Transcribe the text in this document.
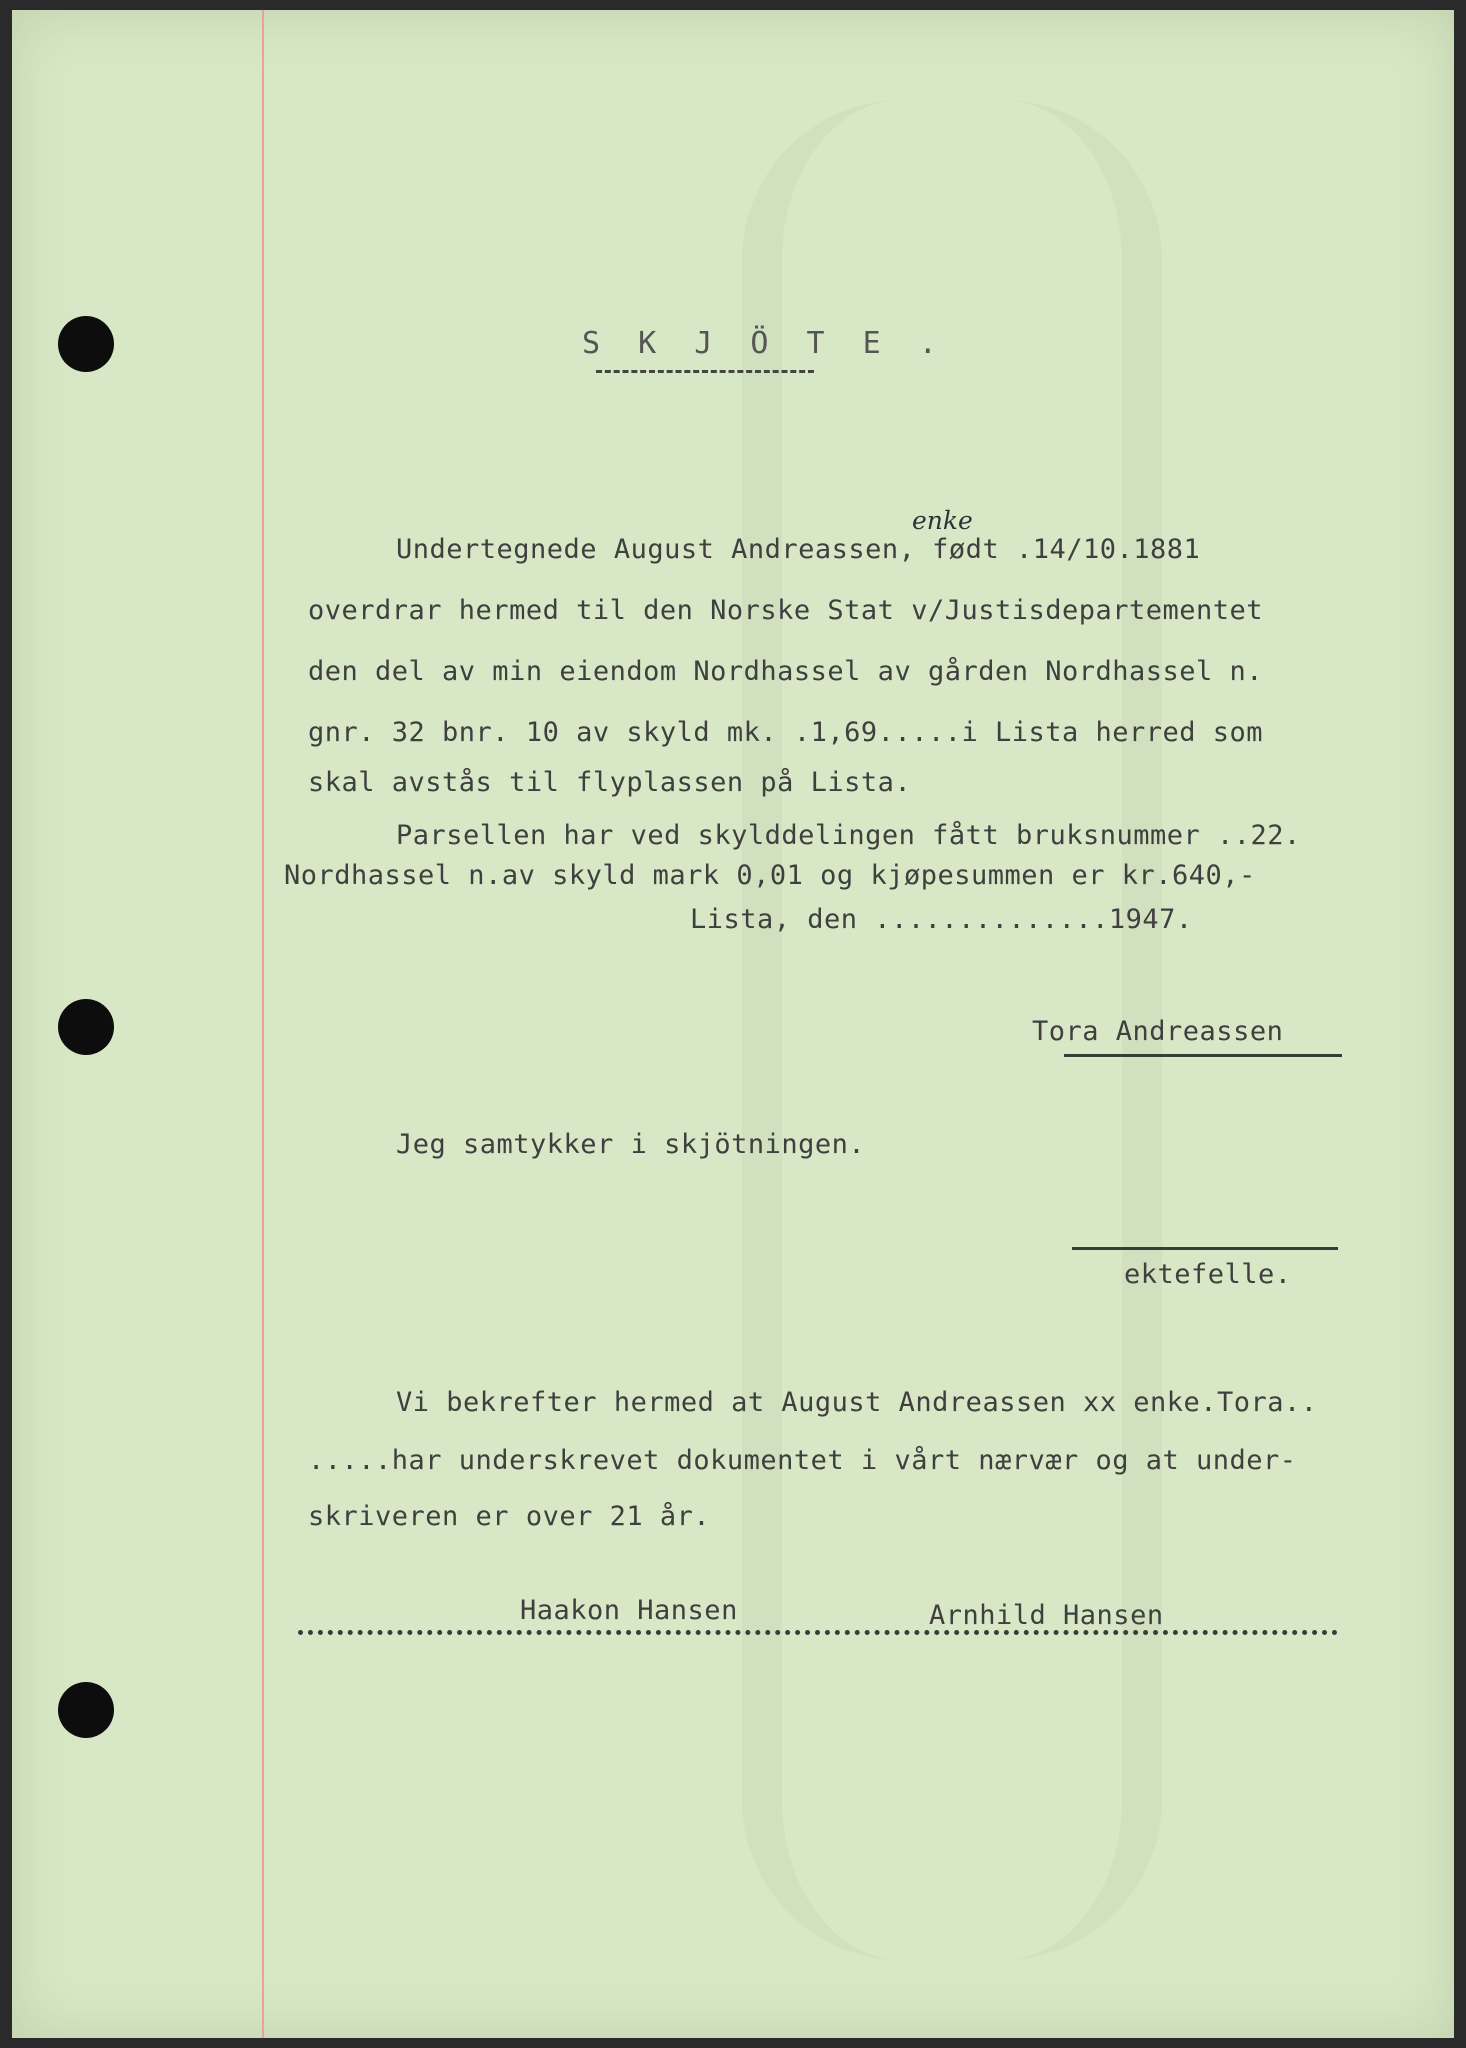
S K J Ö T E .
enke
Undertegnede August Andreassen, født .14/10.1881
overdrar hermed til den Norske Stat v/Justisdepartementet
den del av min eiendom Nordhassel av gården Nordhassel n.
gnr. 32 bnr. 10 av skyld mk. .1,69.....i Lista herred som
skal avstås til flyplassen på Lista.
Parsellen har ved skylddelingen fått bruksnummer ..22.
Nordhassel n.av skyld mark 0,01 og kjøpesummen er kr.640,-
Lista, den ..............1947.
Tora Andreassen
Jeg samtykker i skjötningen.
ektefelle.
Vi bekrefter hermed at August Andreassen xx enke.Tora..
.....har underskrevet dokumentet i vårt nærvær og at under-
skriveren er over 21 år.
Haakon Hansen	Arnhild Hansen
